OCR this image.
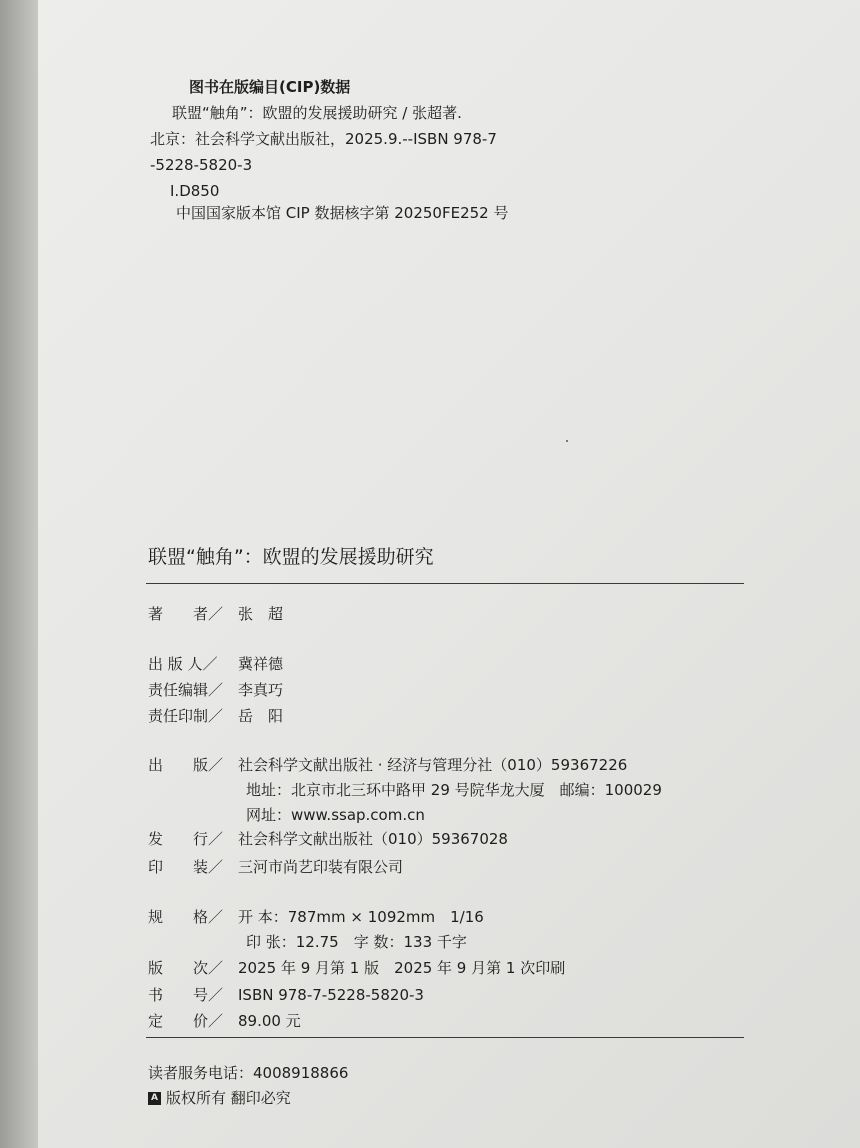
图书在版编目(CIP)数据
联盟“触角”：欧盟的发展援助研究 / 张超著.
北京：社会科学文献出版社，2025.9.--ISBN 978-7
-5228-5820-3
Ⅰ.D850
中国国家版本馆 CIP 数据核字第 20250FE252 号
联盟“触角”：欧盟的发展援助研究
著　　者／ 张　超
出 版 人／ 冀祥德
责任编辑／ 李真巧
责任印制／ 岳　阳
出　　版／ 社会科学文献出版社 · 经济与管理分社（010）59367226
地址：北京市北三环中路甲 29 号院华龙大厦　邮编：100029
网址：www.ssap.com.cn
发　　行／ 社会科学文献出版社（010）59367028
印　　装／ 三河市尚艺印装有限公司
规　　格／ 开 本：787mm × 1092mm　1/16
印 张：12.75　字 数：133 千字
版　　次／ 2025 年 9 月第 1 版　2025 年 9 月第 1 次印刷
书　　号／ ISBN 978-7-5228-5820-3
定　　价／ 89.00 元
读者服务电话：4008918866
A 版权所有 翻印必究
